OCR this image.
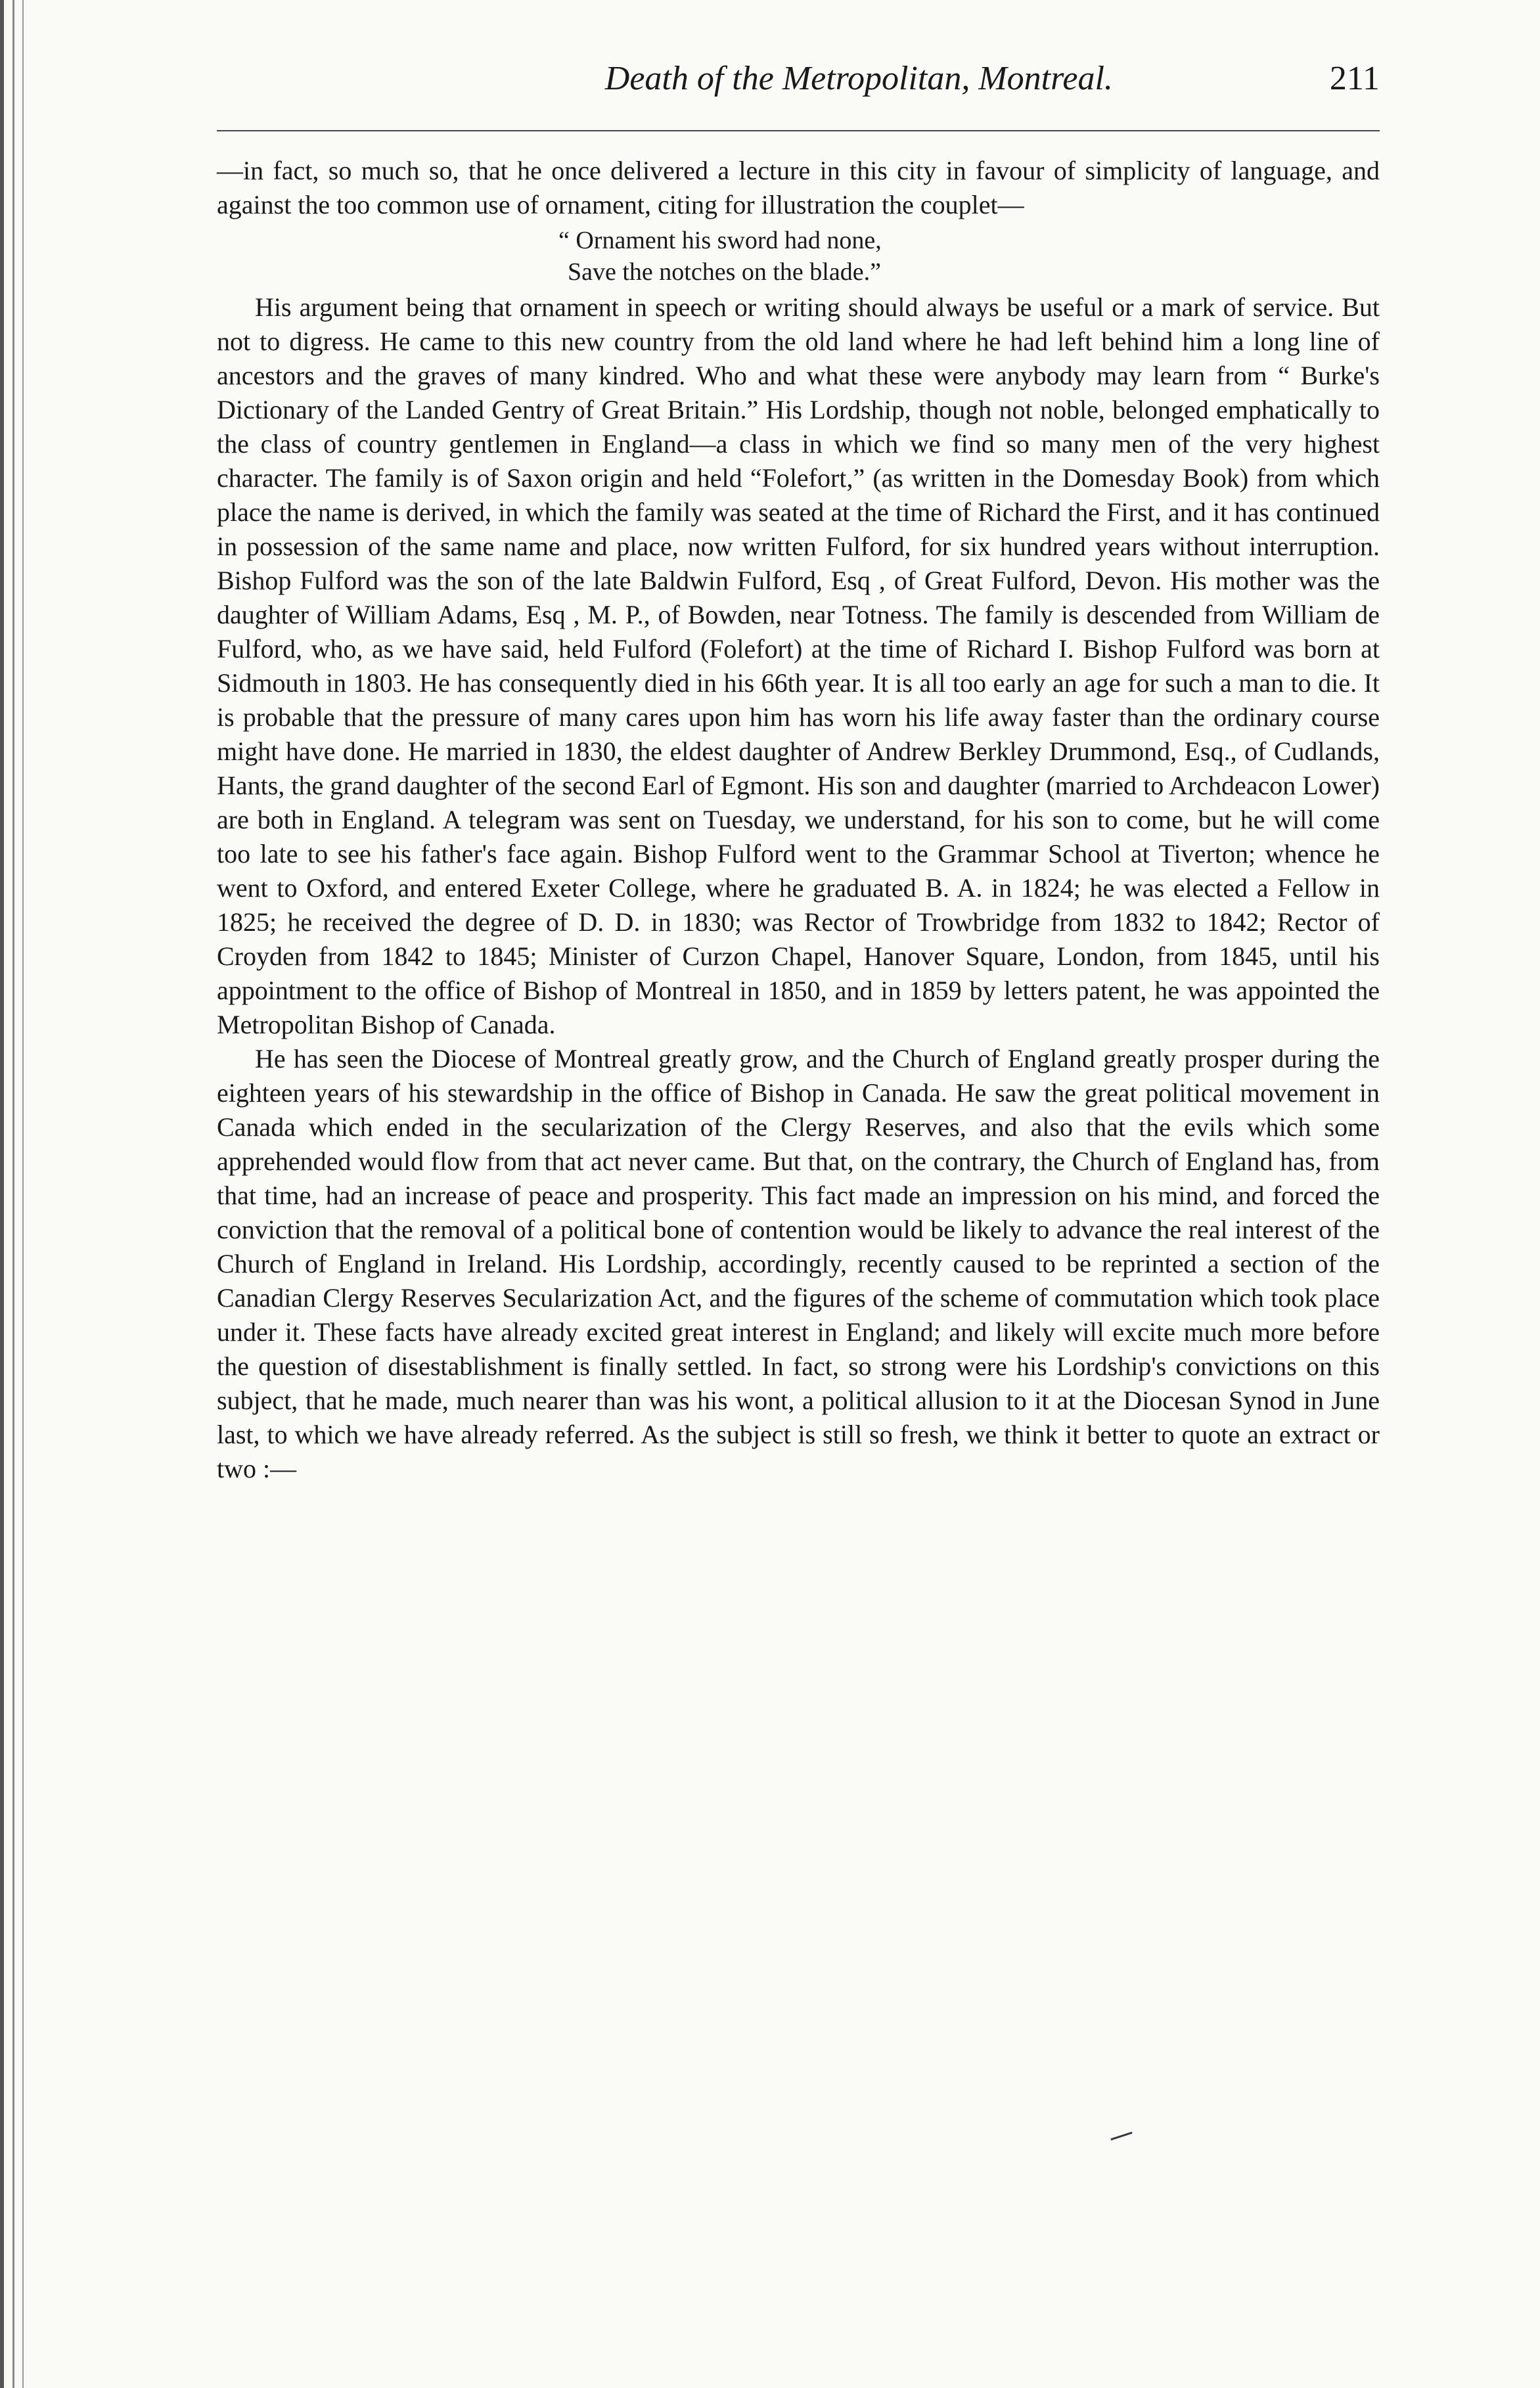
Death of the Metropolitan, Montreal.	211

—in fact, so much so, that he once delivered a lecture in this city in favour of simplicity of language, and against the too common use of ornament, citing for illustration the couplet—

“ Ornament his sword had none,
Save the notches on the blade.”

His argument being that ornament in speech or writing should always be useful or a mark of service. But not to digress. He came to this new country from the old land where he had left behind him a long line of ancestors and the graves of many kindred. Who and what these were anybody may learn from “ Burke's Dictionary of the Landed Gentry of Great Britain.” His Lordship, though not noble, belonged emphatically to the class of country gentlemen in England—a class in which we find so many men of the very highest character. The family is of Saxon origin and held “Folefort,” (as written in the Domesday Book) from which place the name is derived, in which the family was seated at the time of Richard the First, and it has continued in possession of the same name and place, now written Fulford, for six hundred years without interruption. Bishop Fulford was the son of the late Baldwin Fulford, Esq , of Great Fulford, Devon. His mother was the daughter of William Adams, Esq , M. P., of Bowden, near Totness. The family is descended from William de Fulford, who, as we have said, held Fulford (Folefort) at the time of Richard I. Bishop Fulford was born at Sidmouth in 1803. He has consequently died in his 66th year. It is all too early an age for such a man to die. It is probable that the pressure of many cares upon him has worn his life away faster than the ordinary course might have done. He married in 1830, the eldest daughter of Andrew Berkley Drummond, Esq., of Cudlands, Hants, the grand daughter of the second Earl of Egmont. His son and daughter (married to Archdeacon Lower) are both in England. A telegram was sent on Tuesday, we understand, for his son to come, but he will come too late to see his father's face again. Bishop Fulford went to the Grammar School at Tiverton; whence he went to Oxford, and entered Exeter College, where he graduated B. A. in 1824; he was elected a Fellow in 1825; he received the degree of D. D. in 1830; was Rector of Trowbridge from 1832 to 1842; Rector of Croyden from 1842 to 1845; Minister of Curzon Chapel, Hanover Square, London, from 1845, until his appointment to the office of Bishop of Montreal in 1850, and in 1859 by letters patent, he was appointed the Metropolitan Bishop of Canada.

He has seen the Diocese of Montreal greatly grow, and the Church of England greatly prosper during the eighteen years of his stewardship in the office of Bishop in Canada. He saw the great political movement in Canada which ended in the secularization of the Clergy Reserves, and also that the evils which some apprehended would flow from that act never came. But that, on the contrary, the Church of England has, from that time, had an increase of peace and prosperity. This fact made an impression on his mind, and forced the conviction that the removal of a political bone of contention would be likely to advance the real interest of the Church of England in Ireland. His Lordship, accordingly, recently caused to be reprinted a section of the Canadian Clergy Reserves Secularization Act, and the figures of the scheme of commutation which took place under it. These facts have already excited great interest in England; and likely will excite much more before the question of disestablishment is finally settled. In fact, so strong were his Lordship's convictions on this subject, that he made, much nearer than was his wont, a political allusion to it at the Diocesan Synod in June last, to which we have already referred. As the subject is still so fresh, we think it better to quote an extract or two :—
